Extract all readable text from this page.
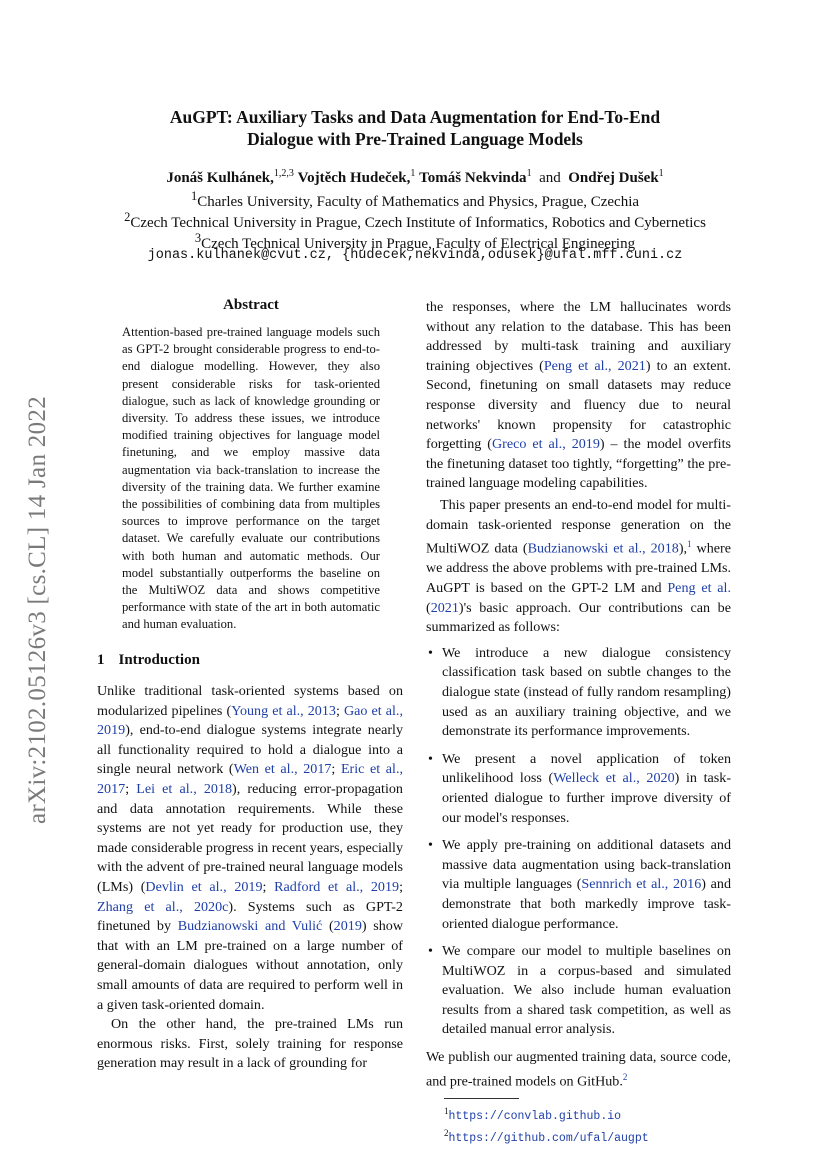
arXiv:2102.05126v3 [cs.CL] 14 Jan 2022
AuGPT: Auxiliary Tasks and Data Augmentation for End-To-End
Dialogue with Pre-Trained Language Models
Jonáš Kulhánek,$^{1,2,3}$ Vojtěch Hudeček,$^1$ Tomáš Nekvinda$^1$ and Ondřej Dušek$^1$
$^1$Charles University, Faculty of Mathematics and Physics, Prague, Czechia
$^2$Czech Technical University in Prague, Czech Institute of Informatics, Robotics and Cybernetics
$^3$Czech Technical University in Prague, Faculty of Electrical Engineering
jonas.kulhanek@cvut.cz, {hudecek,nekvinda,odusek}@ufal.mff.cuni.cz
Abstract
Attention-based pre-trained language models such as GPT-2 brought considerable progress to end-to-end dialogue modelling. However, they also present considerable risks for task-oriented dialogue, such as lack of knowledge grounding or diversity. To address these issues, we introduce modified training objectives for language model finetuning, and we employ massive data augmentation via back-translation to increase the diversity of the training data. We further examine the possibilities of combining data from multiples sources to improve performance on the target dataset. We carefully evaluate our contributions with both human and automatic methods. Our model substantially outperforms the baseline on the MultiWOZ data and shows competitive performance with state of the art in both automatic and human evaluation.
1 Introduction

Unlike traditional task-oriented systems based on modularized pipelines (Young et al., 2013; Gao et al., 2019), end-to-end dialogue systems integrate nearly all functionality required to hold a dialogue into a single neural network (Wen et al., 2017; Eric et al., 2017; Lei et al., 2018), reducing error-propagation and data annotation requirements. While these systems are not yet ready for production use, they made considerable progress in recent years, especially with the advent of pre-trained neural language models (LMs) (Devlin et al., 2019; Radford et al., 2019; Zhang et al., 2020c). Systems such as GPT-2 finetuned by Budzianowski and Vulić (2019) show that with an LM pre-trained on a large number of general-domain dialogues without annotation, only small amounts of data are required to perform well in a given task-oriented domain.

On the other hand, the pre-trained LMs run enormous risks. First, solely training for response generation may result in a lack of grounding for

the responses, where the LM hallucinates words without any relation to the database. This has been addressed by multi-task training and auxiliary training objectives (Peng et al., 2021) to an extent. Second, finetuning on small datasets may reduce response diversity and fluency due to neural networks' known propensity for catastrophic forgetting (Greco et al., 2019) – the model overfits the finetuning dataset too tightly, “forgetting” the pre-trained language modeling capabilities.

This paper presents an end-to-end model for multi-domain task-oriented response generation on the MultiWOZ data (Budzianowski et al., 2018),$^1$ where we address the above problems with pre-trained LMs. AuGPT is based on the GPT-2 LM and Peng et al. (2021)'s basic approach. Our contributions can be summarized as follows:

• We introduce a new dialogue consistency classification task based on subtle changes to the dialogue state (instead of fully random resampling) used as an auxiliary training objective, and we demonstrate its performance improvements.
• We present a novel application of token unlikelihood loss (Welleck et al., 2020) in task-oriented dialogue to further improve diversity of our model's responses.
• We apply pre-training on additional datasets and massive data augmentation using back-translation via multiple languages (Sennrich et al., 2016) and demonstrate that both markedly improve task-oriented dialogue performance.
• We compare our model to multiple baselines on MultiWOZ in a corpus-based and simulated evaluation. We also include human evaluation results from a shared task competition, as well as detailed manual error analysis.

We publish our augmented training data, source code, and pre-trained models on GitHub.$^2$

$^1$https://convlab.github.io
$^2$https://github.com/ufal/augpt
